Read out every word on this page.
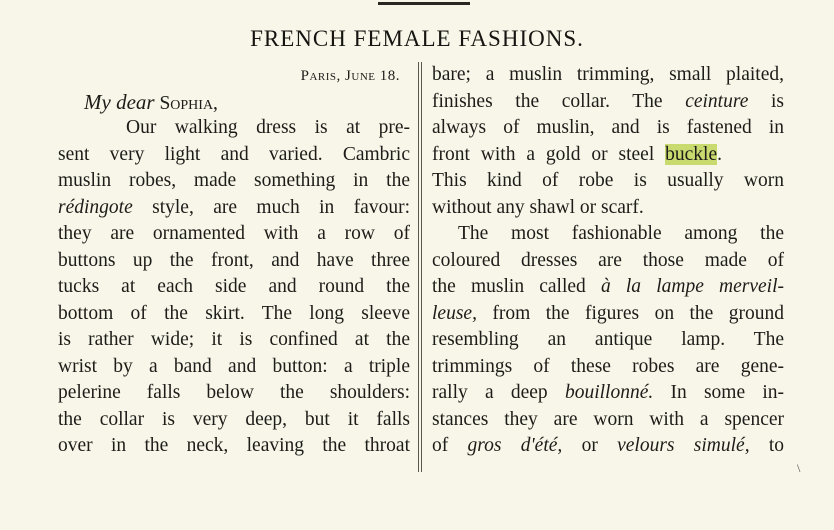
FRENCH FEMALE FASHIONS.
Paris, June 18.
My dear Sophia,
Our walking dress is at pre-
sent very light and varied. Cambric
muslin robes, made something in the
rédingote style, are much in favour:
they are ornamented with a row of
buttons up the front, and have three
tucks at each side and round the
bottom of the skirt. The long sleeve
is rather wide; it is confined at the
wrist by a band and button: a triple
pelerine falls below the shoulders:
the collar is very deep, but it falls
over in the neck, leaving the throat
bare; a muslin trimming, small plaited,
finishes the collar. The ceinture is
always of muslin, and is fastened in
front with a gold or steel buckle.
This kind of robe is usually worn
without any shawl or scarf.
The most fashionable among the
coloured dresses are those made of
the muslin called à la lampe merveil-
leuse, from the figures on the ground
resembling an antique lamp. The
trimmings of these robes are gene-
rally a deep bouillonné. In some in-
stances they are worn with a spencer
of gros d'été, or velours simulé, to
\
